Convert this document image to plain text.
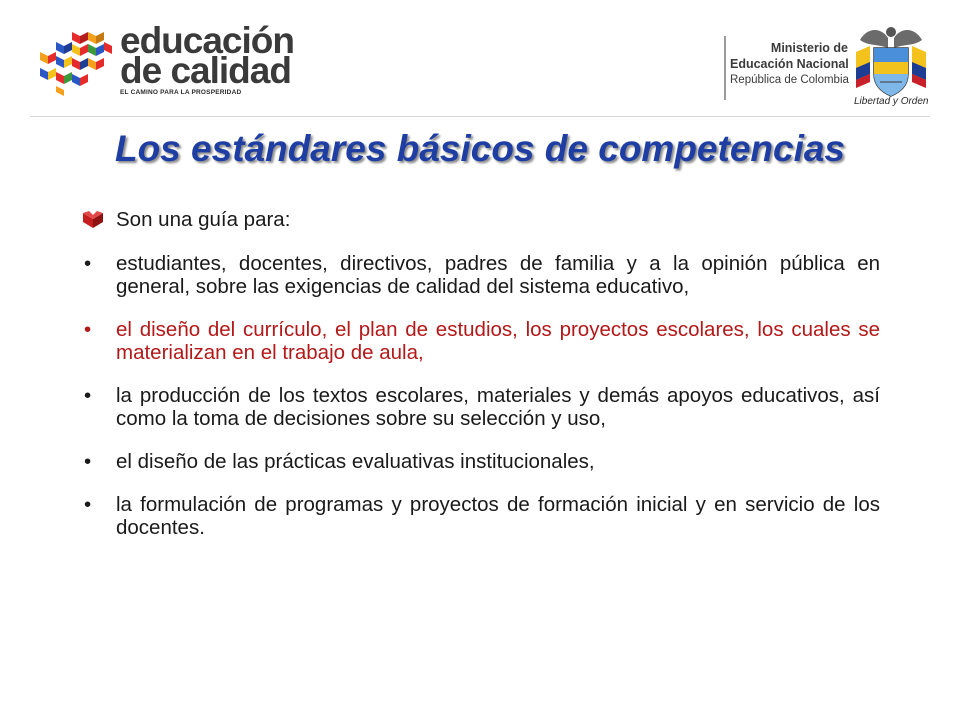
educación
de calidad
EL CAMINO PARA LA PROSPERIDAD
Ministerio de
Educación Nacional
República de Colombia
Libertad y Orden
Los estándares básicos de competencias
Son una guía para:
• estudiantes, docentes, directivos, padres de familia y a la opinión pública en general, sobre las exigencias de calidad del sistema educativo,
• el diseño del currículo, el plan de estudios, los proyectos escolares, los cuales se materializan en el trabajo de aula,
• la producción de los textos escolares, materiales y demás apoyos educativos, así como la toma de decisiones sobre su selección y uso,
• el diseño de las prácticas evaluativas institucionales,
• la formulación de programas y proyectos de formación inicial y en servicio de los docentes.
